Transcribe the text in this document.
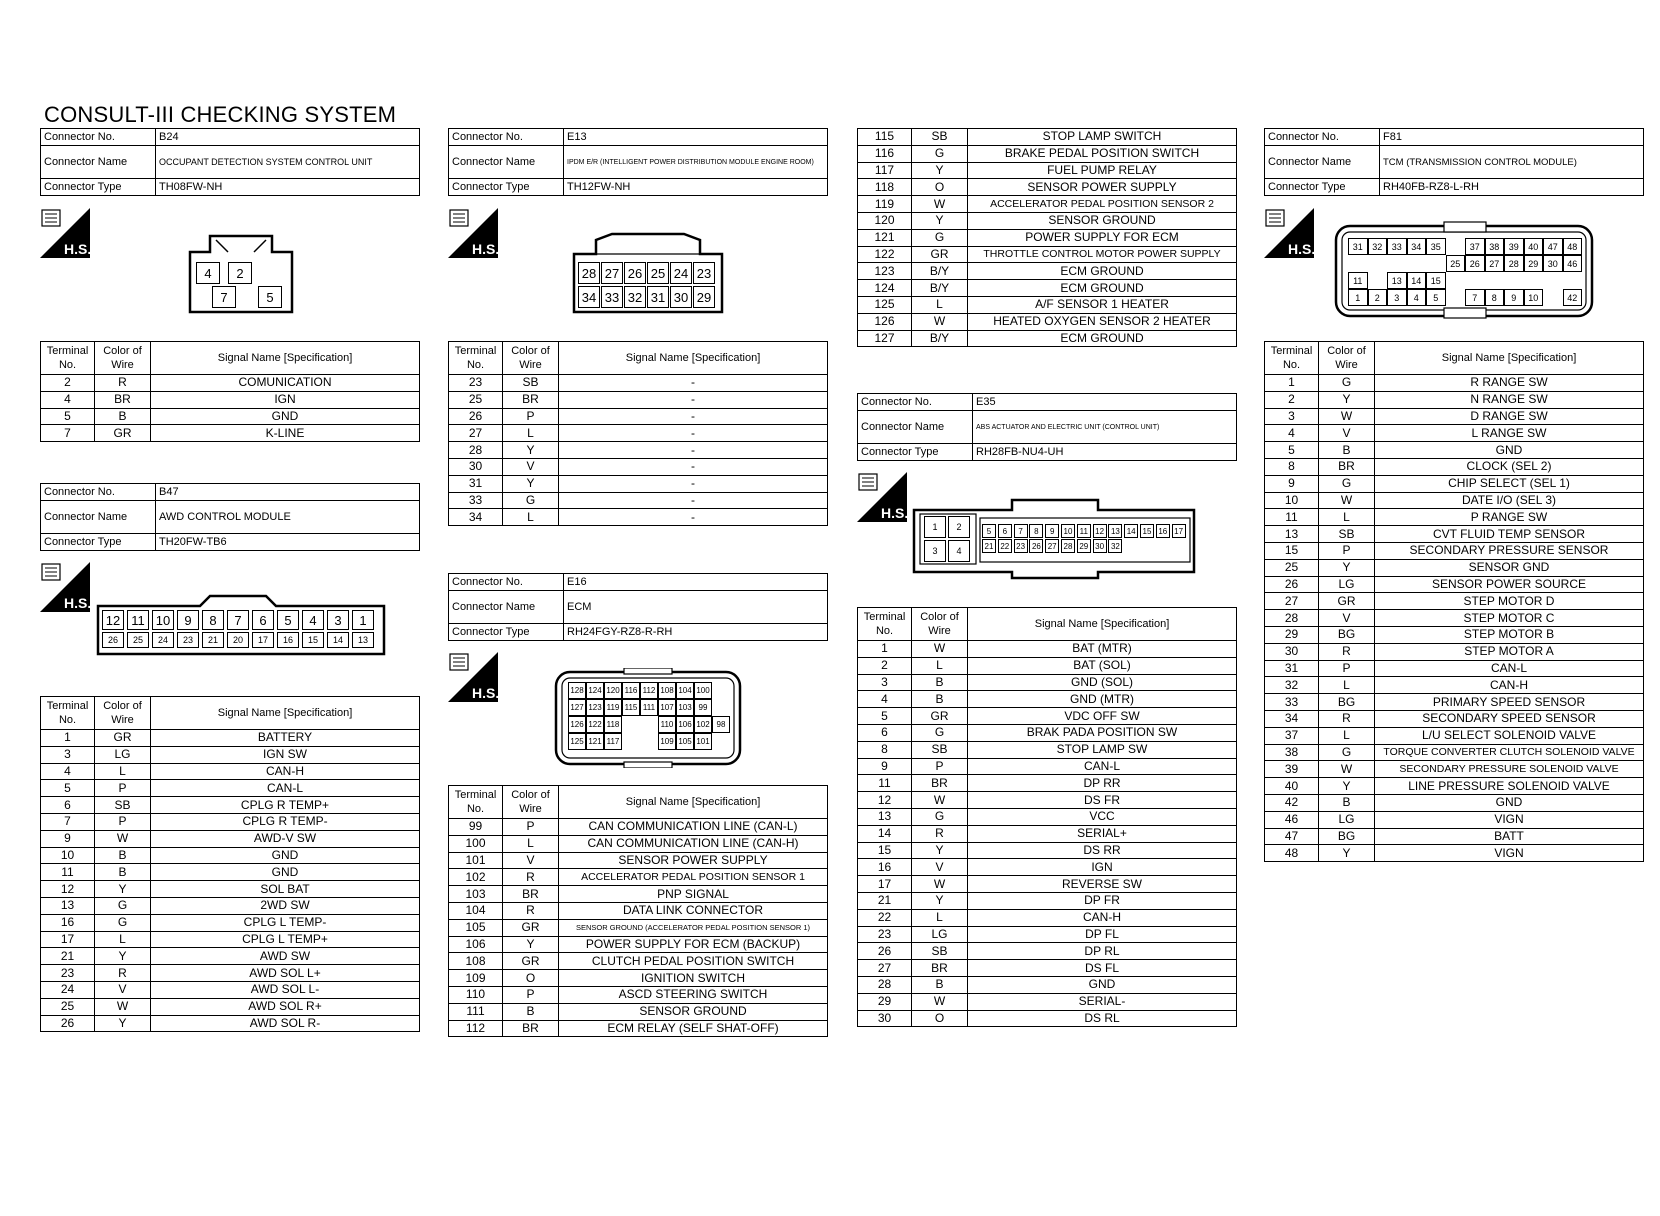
CONSULT-III CHECKING SYSTEM
Connector No.	B24
Connector Name	OCCUPANT DETECTION SYSTEM CONTROL UNIT
Connector Type	TH08FW-NH
H.S.
4	2
7	5
Terminal No.	Color of Wire	Signal Name [Specification]
2	R	COMUNICATION
4	BR	IGN
5	B	GND
7	GR	K-LINE
Connector No.	B47
Connector Name	AWD CONTROL MODULE
Connector Type	TH20FW-TB6
H.S.
12 11 10	9	8	7	6	5	4	3	1
26	25	24	23	21	20	17	16	15	14	13
Terminal No.	Color of Wire	Signal Name [Specification]
1	GR	BATTERY
3	LG	IGN SW
4	L	CAN-H
5	P	CAN-L
6	SB	CPLG R TEMP+
7	P	CPLG R TEMP-
9	W	AWD-V SW
10	B	GND
11	B	GND
12	Y	SOL BAT
13	G	2WD SW
16	G	CPLG L TEMP-
17	L	CPLG L TEMP+
21	Y	AWD SW
23	R	AWD SOL L+
24	V	AWD SOL L-
25	W	AWD SOL R+
26	Y	AWD SOL R-
Connector No.	E13
Connector Name	IPDM E/R (INTELLIGENT POWER DISTRIBUTION MODULE ENGINE ROOM)
Connector Type	TH12FW-NH
H.S.
28 27 26 25 24 23
34 33 32 31 30 29
Terminal No.	Color of Wire	Signal Name [Specification]
23	SB	-
25	BR	-
26	P	-
27	L	-
28	Y	-
30	V	-
31	Y	-
33	G	-
34	L	-
Connector No.	E16
Connector Name	ECM
Connector Type	RH24FGY-RZ8-R-RH
H.S.	128 124 120 116 112 108 104 100
127 123 119 115 111 107 103 99
126 122 118	110 106 102 98
125 121 117	109 105 101
Terminal No.	Color of Wire	Signal Name [Specification]
99	P	CAN COMMUNICATION LINE (CAN-L)
100	L	CAN COMMUNICATION LINE (CAN-H)
101	V	SENSOR POWER SUPPLY
102	R	ACCELERATOR PEDAL POSITION SENSOR 1
103	BR	PNP SIGNAL
104	R	DATA LINK CONNECTOR
105	GR	SENSOR GROUND (ACCELERATOR PEDAL POSITION SENSOR 1)
106	Y	POWER SUPPLY FOR ECM (BACKUP)
108	GR	CLUTCH PEDAL POSITION SWITCH
109	O	IGNITION SWITCH
110	P	ASCD STEERING SWITCH
111	B	SENSOR GROUND
112	BR	ECM RELAY (SELF SHAT-OFF)
115	SB	STOP LAMP SWITCH
116	G	BRAKE PEDAL POSITION SWITCH
117	Y	FUEL PUMP RELAY
118	O	SENSOR POWER SUPPLY
119	W	ACCELERATOR PEDAL POSITION SENSOR 2
120	Y	SENSOR GROUND
121	G	POWER SUPPLY FOR ECM
122	GR	THROTTLE CONTROL MOTOR POWER SUPPLY
123	B/Y	ECM GROUND
124	B/Y	ECM GROUND
125	L	A/F SENSOR 1 HEATER
126	W	HEATED OXYGEN SENSOR 2 HEATER
127	B/Y	ECM GROUND
Connector No.	E35
Connector Name	ABS ACTUATOR AND ELECTRIC UNIT (CONTROL UNIT)
Connector Type	RH28FB-NU4-UH
H.S.
1	2
3	4
5	6	7	8	9	10 11 12 13 14 15 16 17
21 22 23 26 27 28 29 30 32
Terminal No.	Color of Wire	Signal Name [Specification]
1	W	BAT (MTR)
2	L	BAT (SOL)
3	B	GND (SOL)
4	B	GND (MTR)
5	GR	VDC OFF SW
6	G	BRAK PADA POSITION SW
8	SB	STOP LAMP SW
9	P	CAN-L
11	BR	DP RR
12	W	DS FR
13	G	VCC
14	R	SERIAL+
15	Y	DS RR
16	V	IGN
17	W	REVERSE SW
21	Y	DP FR
22	L	CAN-H
23	LG	DP FL
26	SB	DP RL
27	BR	DS FL
28	B	GND
29	W	SERIAL-
30	O	DS RL
Connector No.	F81
Connector Name	TCM (TRANSMISSION CONTROL MODULE)
Connector Type	RH40FB-RZ8-L-RH
H.S.	31	32	33	34	35	37	38	39	40	47	48
25	26	27	28	29	30	46
11	13	14	15
1	2	3	4	5	7	8	9	10	42
Terminal No.	Color of Wire	Signal Name [Specification]
1	G	R RANGE SW
2	Y	N RANGE SW
3	W	D RANGE SW
4	V	L RANGE SW
5	B	GND
8	BR	CLOCK (SEL 2)
9	G	CHIP SELECT (SEL 1)
10	W	DATE I/O (SEL 3)
11	L	P RANGE SW
13	SB	CVT FLUID TEMP SENSOR
15	P	SECONDARY PRESSURE SENSOR
25	Y	SENSOR GND
26	LG	SENSOR POWER SOURCE
27	GR	STEP MOTOR D
28	V	STEP MOTOR C
29	BG	STEP MOTOR B
30	R	STEP MOTOR A
31	P	CAN-L
32	L	CAN-H
33	BG	PRIMARY SPEED SENSOR
34	R	SECONDARY SPEED SENSOR
37	L	L/U SELECT SOLENOID VALVE
38	G	TORQUE CONVERTER CLUTCH SOLENOID VALVE
39	W	SECONDARY PRESSURE SOLENOID VALVE
40	Y	LINE PRESSURE SOLENOID VALVE
42	B	GND
46	LG	VIGN
47	BG	BATT
48	Y	VIGN
